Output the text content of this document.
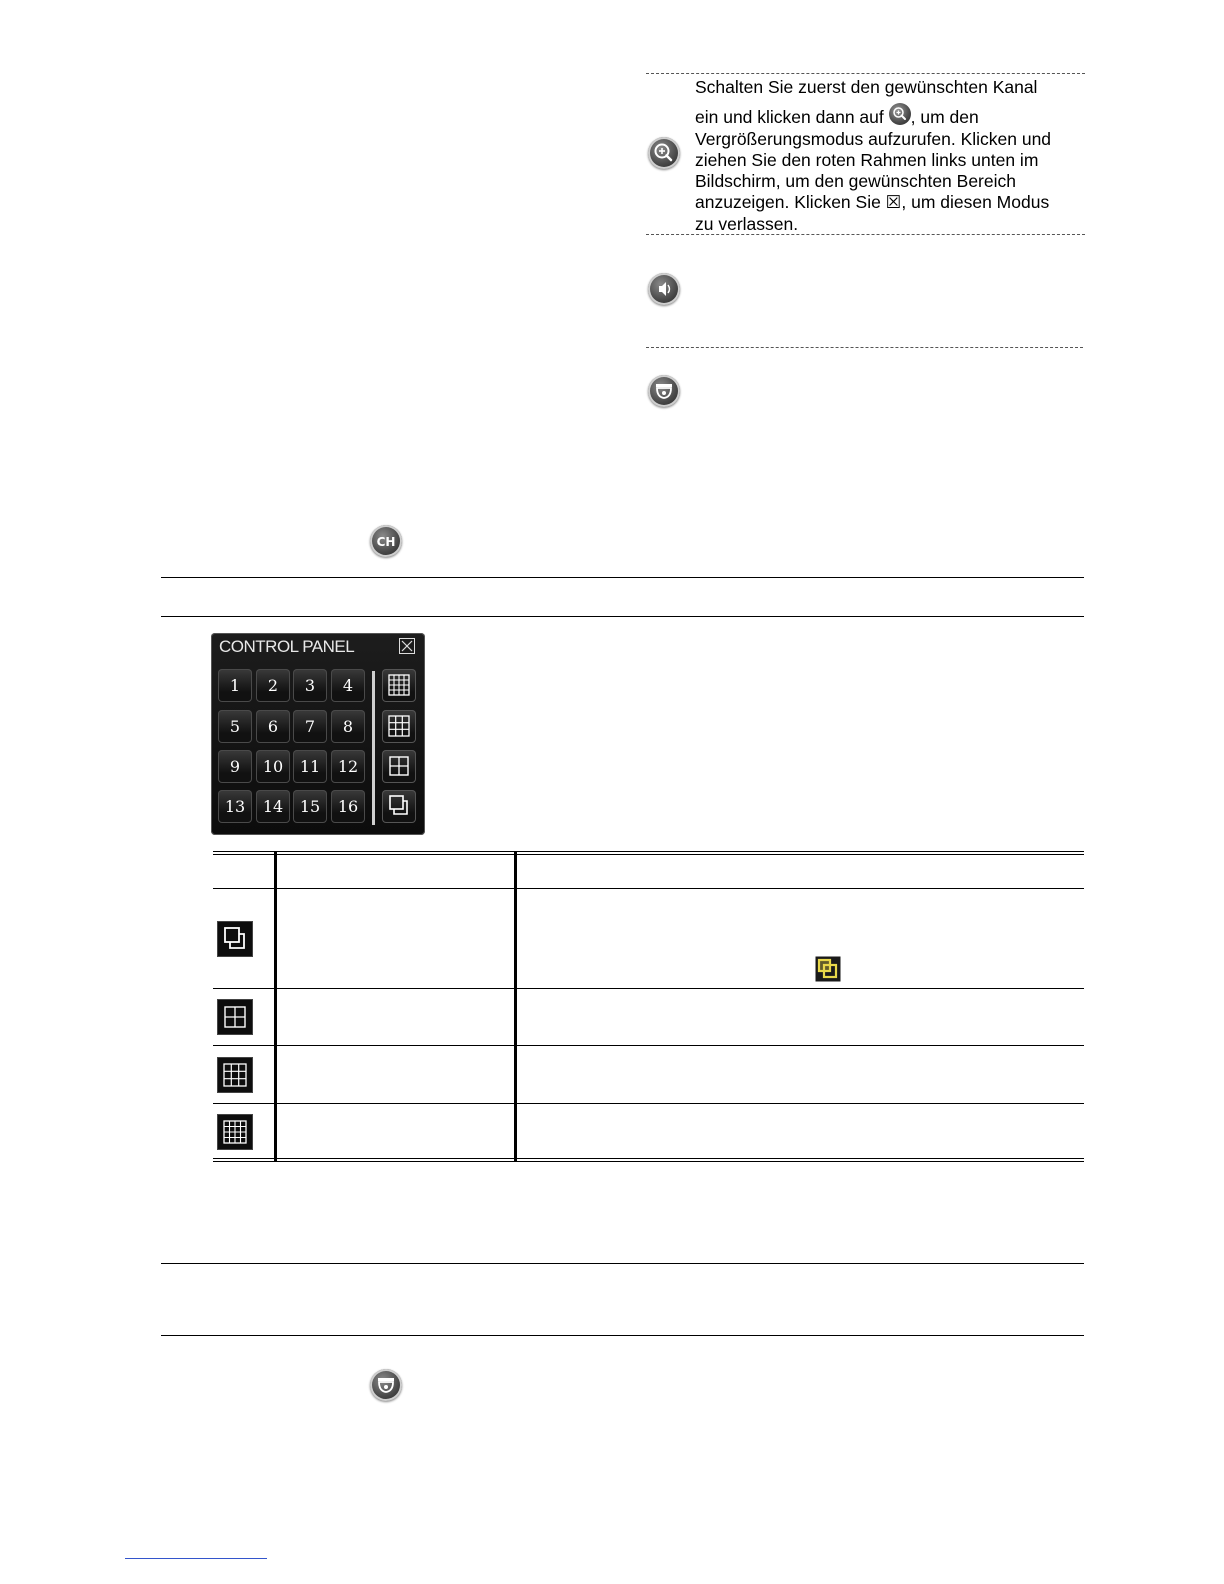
Schalten Sie zuerst den gewünschten Kanal
ein und klicken dann auf , um den
Vergrößerungsmodus aufzurufen. Klicken und
ziehen Sie den roten Rahmen links unten im
Bildschirm, um den gewünschten Bereich
anzuzeigen. Klicken Sie ☒, um diesen Modus
zu verlassen.
CH
CONTROL PANEL
1	2	3	4
5	6	7	8
9	10	11	12
13	14	15	16
